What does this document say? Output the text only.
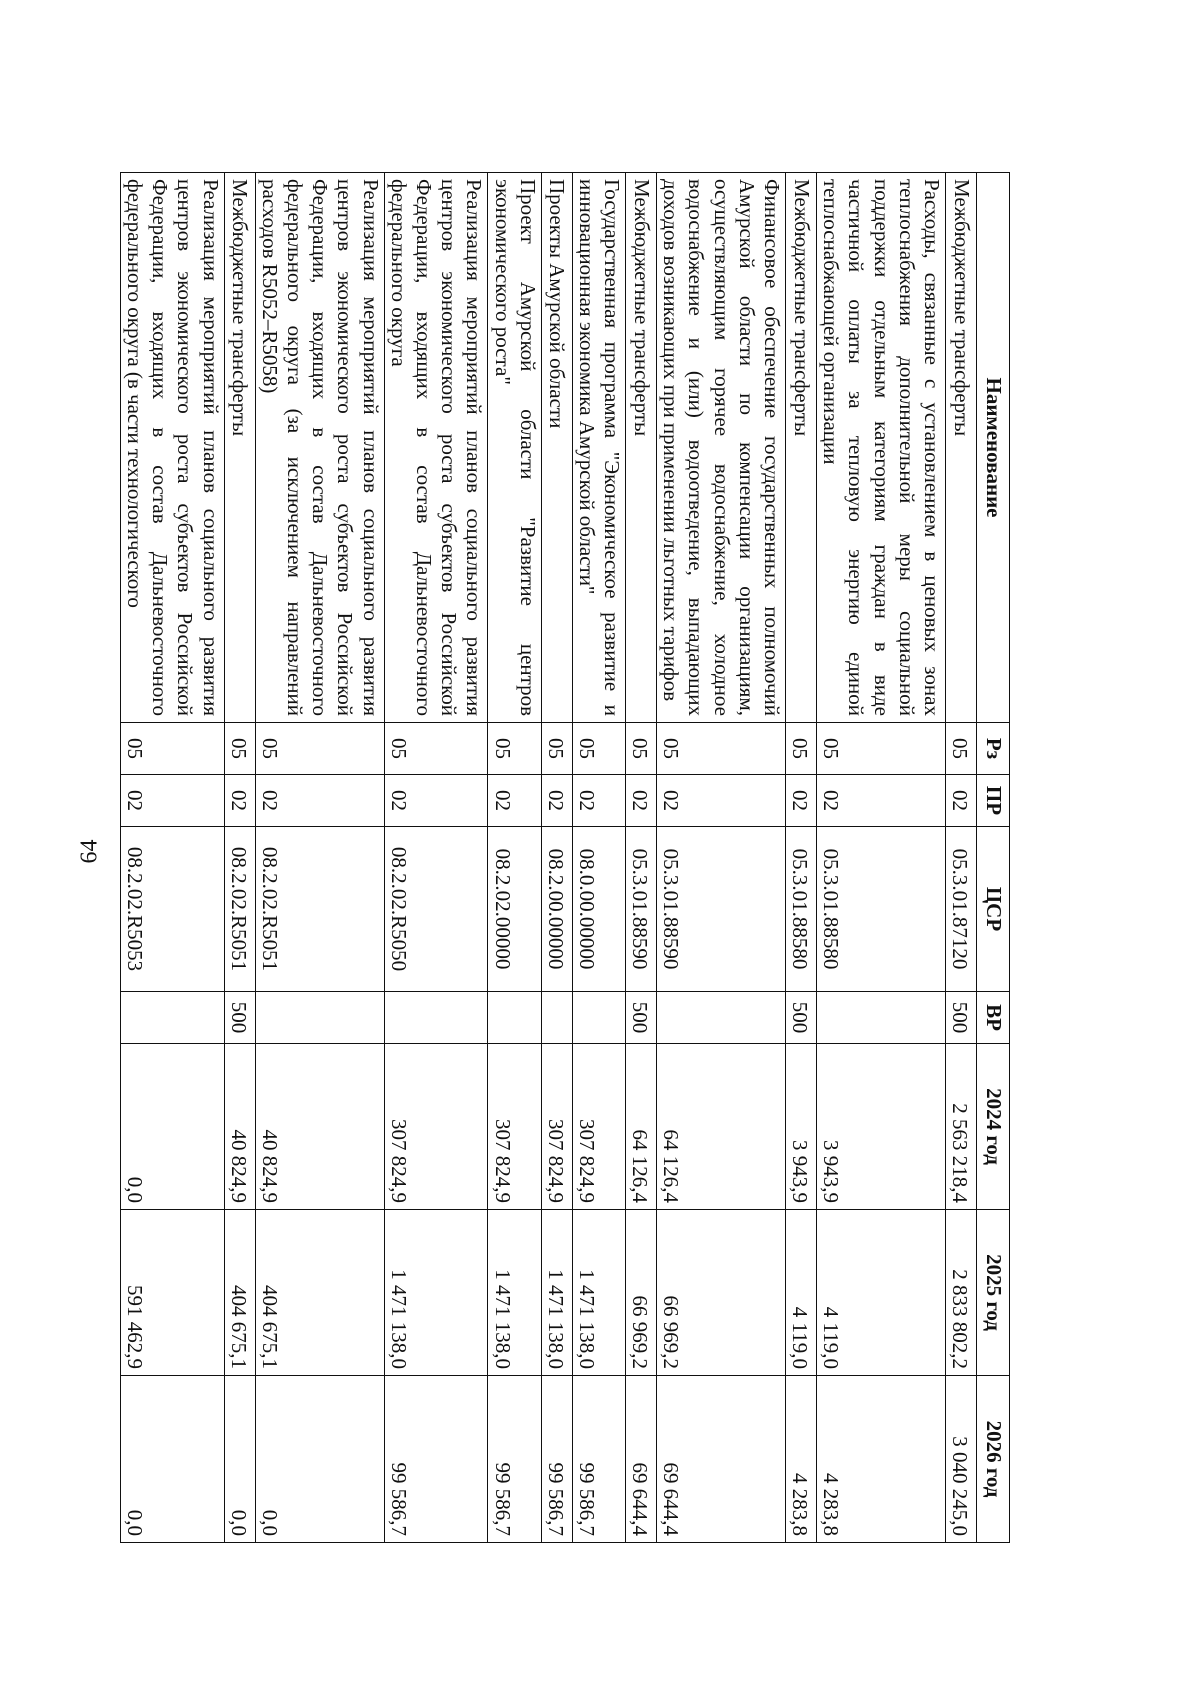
64
Наименование	Рз	ПР	ЦСР	ВР	2024 год	2025 год	2026 год
Межбюджетные трансферты	05	02	05.3.01.87120	500	2 563 218,4	2 833 802,2	3 040 245,0
Расходы, связанные с установлением в ценовых зонах теплоснабжения дополнительной меры социальной поддержки отдельным категориям граждан в виде частичной оплаты за тепловую энергию единой теплоснабжающей организации	05	02	05.3.01.88580		3 943,9	4 119,0	4 283,8
Межбюджетные трансферты	05	02	05.3.01.88580	500	3 943,9	4 119,0	4 283,8
Финансовое обеспечение государственных полномочий Амурской области по компенсации организациям, осуществляющим горячее водоснабжение, холодное водоснабжение и (или) водоотведение, выпадающих доходов возникающих при применении льготных тарифов	05	02	05.3.01.88590		64 126,4	66 969,2	69 644,4
Межбюджетные трансферты	05	02	05.3.01.88590	500	64 126,4	66 969,2	69 644,4
Государственная программа "Экономическое развитие и инновационная экономика Амурской области"	05	02	08.0.00.00000		307 824,9	1 471 138,0	99 586,7
Проекты Амурской области	05	02	08.2.00.00000		307 824,9	1 471 138,0	99 586,7
Проект Амурской области "Развитие центров экономического роста"	05	02	08.2.02.00000		307 824,9	1 471 138,0	99 586,7
Реализация мероприятий планов социального развития центров экономического роста субъектов Российской Федерации, входящих в состав Дальневосточного федерального округа	05	02	08.2.02.R5050		307 824,9	1 471 138,0	99 586,7
Реализация мероприятий планов социального развития центров экономического роста субъектов Российской Федерации, входящих в состав Дальневосточного федерального округа (за исключением направлений расходов R5052–R5058)	05	02	08.2.02.R5051		40 824,9	404 675,1	0,0
Межбюджетные трансферты	05	02	08.2.02.R5051	500	40 824,9	404 675,1	0,0
Реализация мероприятий планов социального развития центров экономического роста субъектов Российской Федерации, входящих в состав Дальневосточного федерального округа (в части технологического	05	02	08.2.02.R5053		0,0	591 462,9	0,0
